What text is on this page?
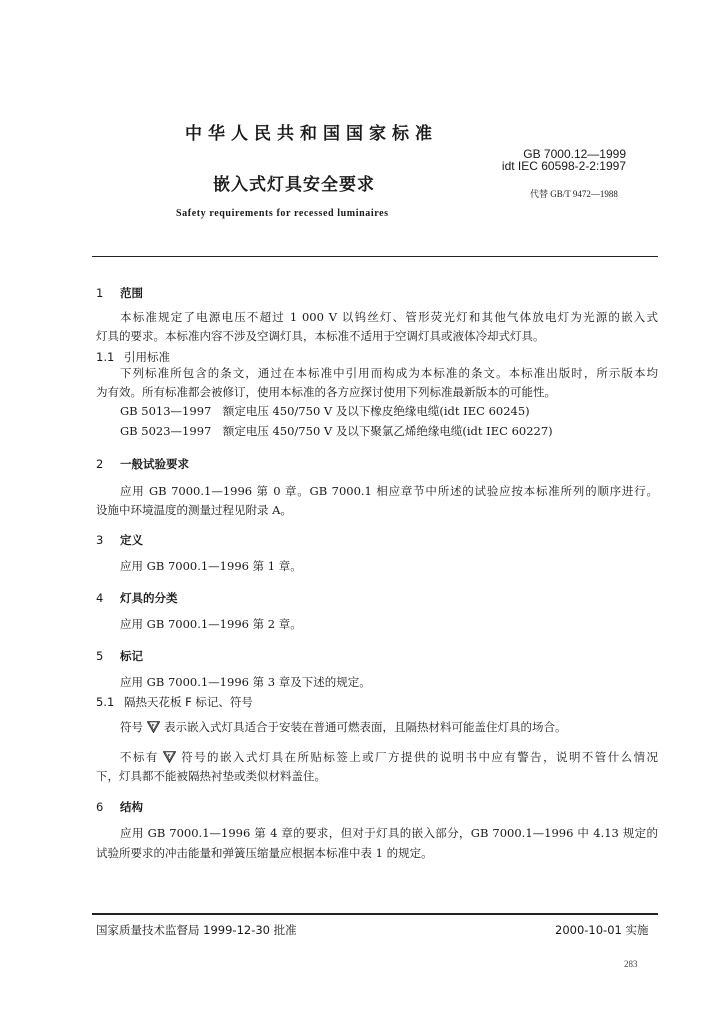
中华人民共和国国家标准
嵌入式灯具安全要求
Safety requirements for recessed luminaires
GB 7000.12—1999
idt IEC 60598-2-2:1997
代替 GB/T 9472—1988
1 范围
本标准规定了电源电压不超过 1 000 V 以钨丝灯、管形荧光灯和其他气体放电灯为光源的嵌入式
灯具的要求。本标准内容不涉及空调灯具，本标准不适用于空调灯具或液体冷却式灯具。
1.1 引用标准
下列标准所包含的条文，通过在本标准中引用而构成为本标准的条文。本标准出版时，所示版本均
为有效。所有标准都会被修订，使用本标准的各方应探讨使用下列标准最新版本的可能性。
GB 5013—1997　额定电压 450/750 V 及以下橡皮绝缘电缆(idt IEC 60245)
GB 5023—1997　额定电压 450/750 V 及以下聚氯乙烯绝缘电缆(idt IEC 60227)
2 一般试验要求
应用 GB 7000.1—1996 第 0 章。GB 7000.1 相应章节中所述的试验应按本标准所列的顺序进行。
设施中环境温度的测量过程见附录 A。
3 定义
应用 GB 7000.1—1996 第 1 章。
4 灯具的分类
应用 GB 7000.1—1996 第 2 章。
5 标记
应用 GB 7000.1—1996 第 3 章及下述的规定。
5.1 隔热天花板 F 标记、符号
符号 F 表示嵌入式灯具适合于安装在普通可燃表面，且隔热材料可能盖住灯具的场合。
不标有 F 符号的嵌入式灯具在所贴标签上或厂方提供的说明书中应有警告，说明不管什么情况
下，灯具都不能被隔热衬垫或类似材料盖住。
6 结构
应用 GB 7000.1—1996 第 4 章的要求，但对于灯具的嵌入部分，GB 7000.1—1996 中 4.13 规定的
试验所要求的冲击能量和弹簧压缩量应根据本标准中表 1 的规定。
国家质量技术监督局 1999-12-30 批准	2000-10-01 实施
283
